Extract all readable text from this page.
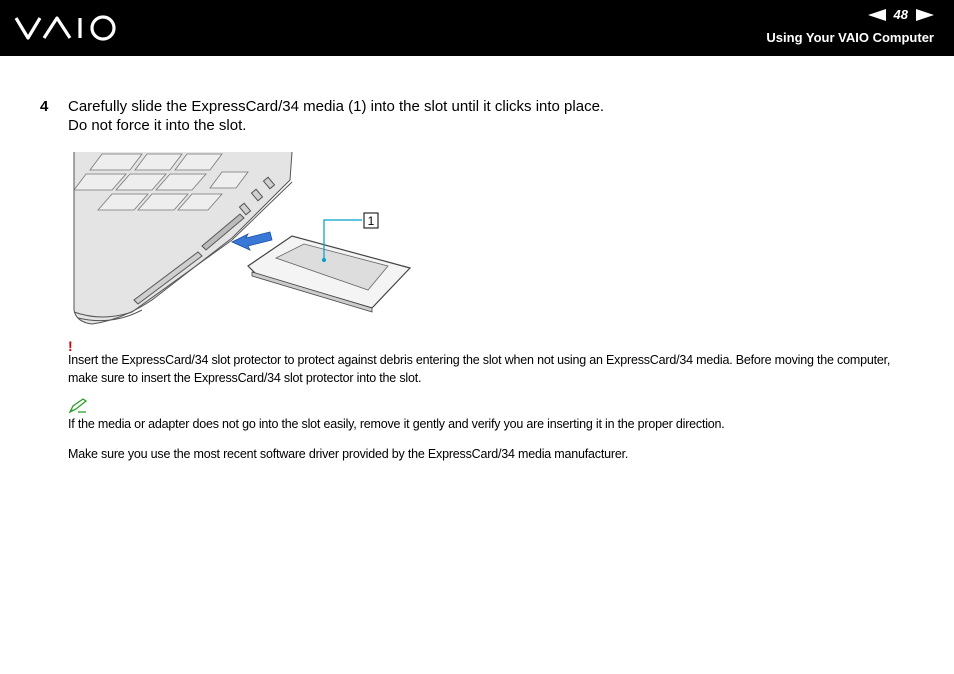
48
Using Your VAIO Computer
4	Carefully slide the ExpressCard/34 media (1) into the slot until it clicks into place.
Do not force it into the slot.
1
!
Insert the ExpressCard/34 slot protector to protect against debris entering the slot when not using an ExpressCard/34 media. Before moving the computer, make sure to insert the ExpressCard/34 slot protector into the slot.
If the media or adapter does not go into the slot easily, remove it gently and verify you are inserting it in the proper direction.
Make sure you use the most recent software driver provided by the ExpressCard/34 media manufacturer.
